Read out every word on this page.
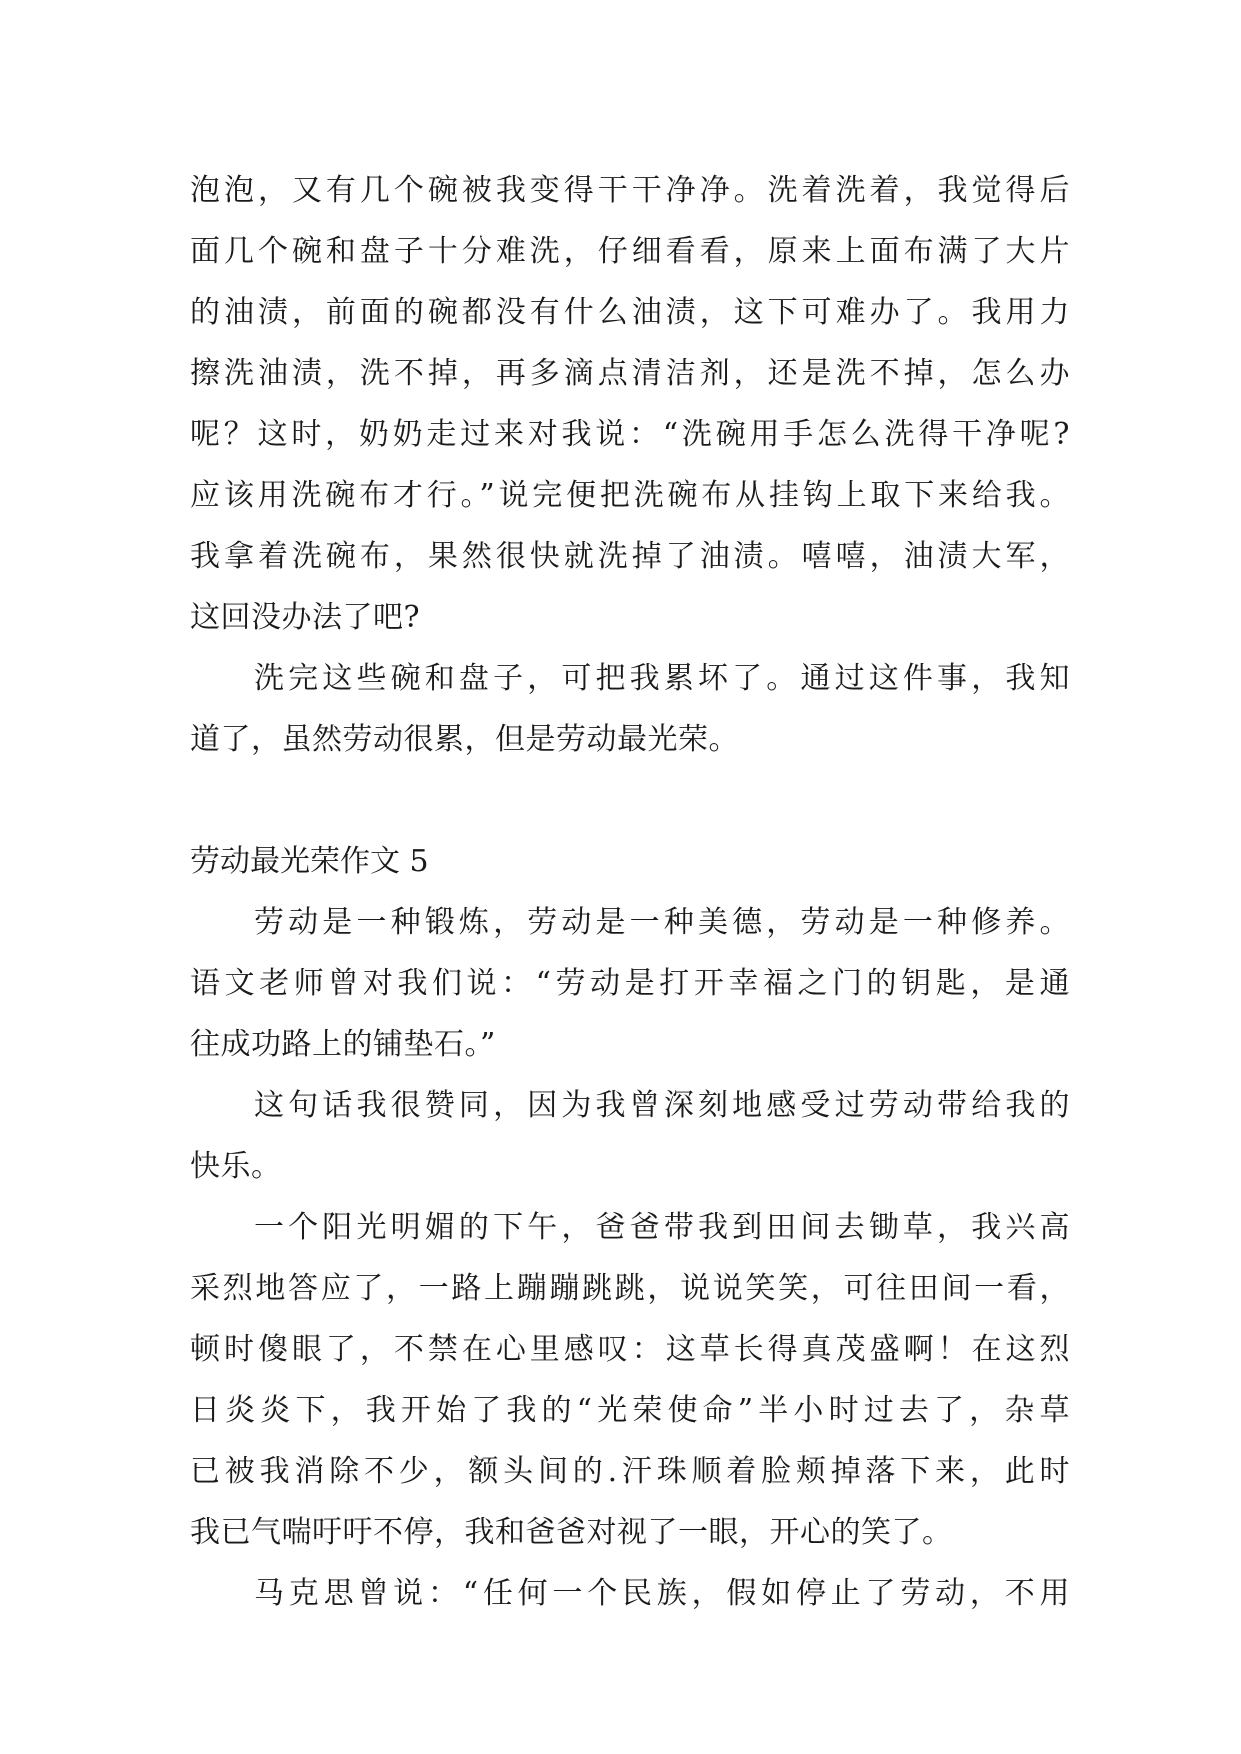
泡泡，又有几个碗被我变得干干净净。洗着洗着，我觉得后
面几个碗和盘子十分难洗，仔细看看，原来上面布满了大片
的油渍，前面的碗都没有什么油渍，这下可难办了。我用力
擦洗油渍，洗不掉，再多滴点清洁剂，还是洗不掉，怎么办
呢？这时，奶奶走过来对我说：“洗碗用手怎么洗得干净呢?
应该用洗碗布才行。”说完便把洗碗布从挂钩上取下来给我。
我拿着洗碗布，果然很快就洗掉了油渍。嘻嘻，油渍大军，
这回没办法了吧?
洗完这些碗和盘子，可把我累坏了。通过这件事，我知
道了，虽然劳动很累，但是劳动最光荣。
劳动最光荣作文 5
劳动是一种锻炼，劳动是一种美德，劳动是一种修养。
语文老师曾对我们说：“劳动是打开幸福之门的钥匙，是通
往成功路上的铺垫石。”
这句话我很赞同，因为我曾深刻地感受过劳动带给我的
快乐。
一个阳光明媚的下午，爸爸带我到田间去锄草，我兴高
采烈地答应了，一路上蹦蹦跳跳，说说笑笑，可往田间一看，
顿时傻眼了，不禁在心里感叹：这草长得真茂盛啊！在这烈
日炎炎下，我开始了我的“光荣使命”半小时过去了，杂草
已被我消除不少，额头间的.汗珠顺着脸颊掉落下来，此时
我已气喘吁吁不停，我和爸爸对视了一眼，开心的笑了。
马克思曾说：“任何一个民族，假如停止了劳动，不用
